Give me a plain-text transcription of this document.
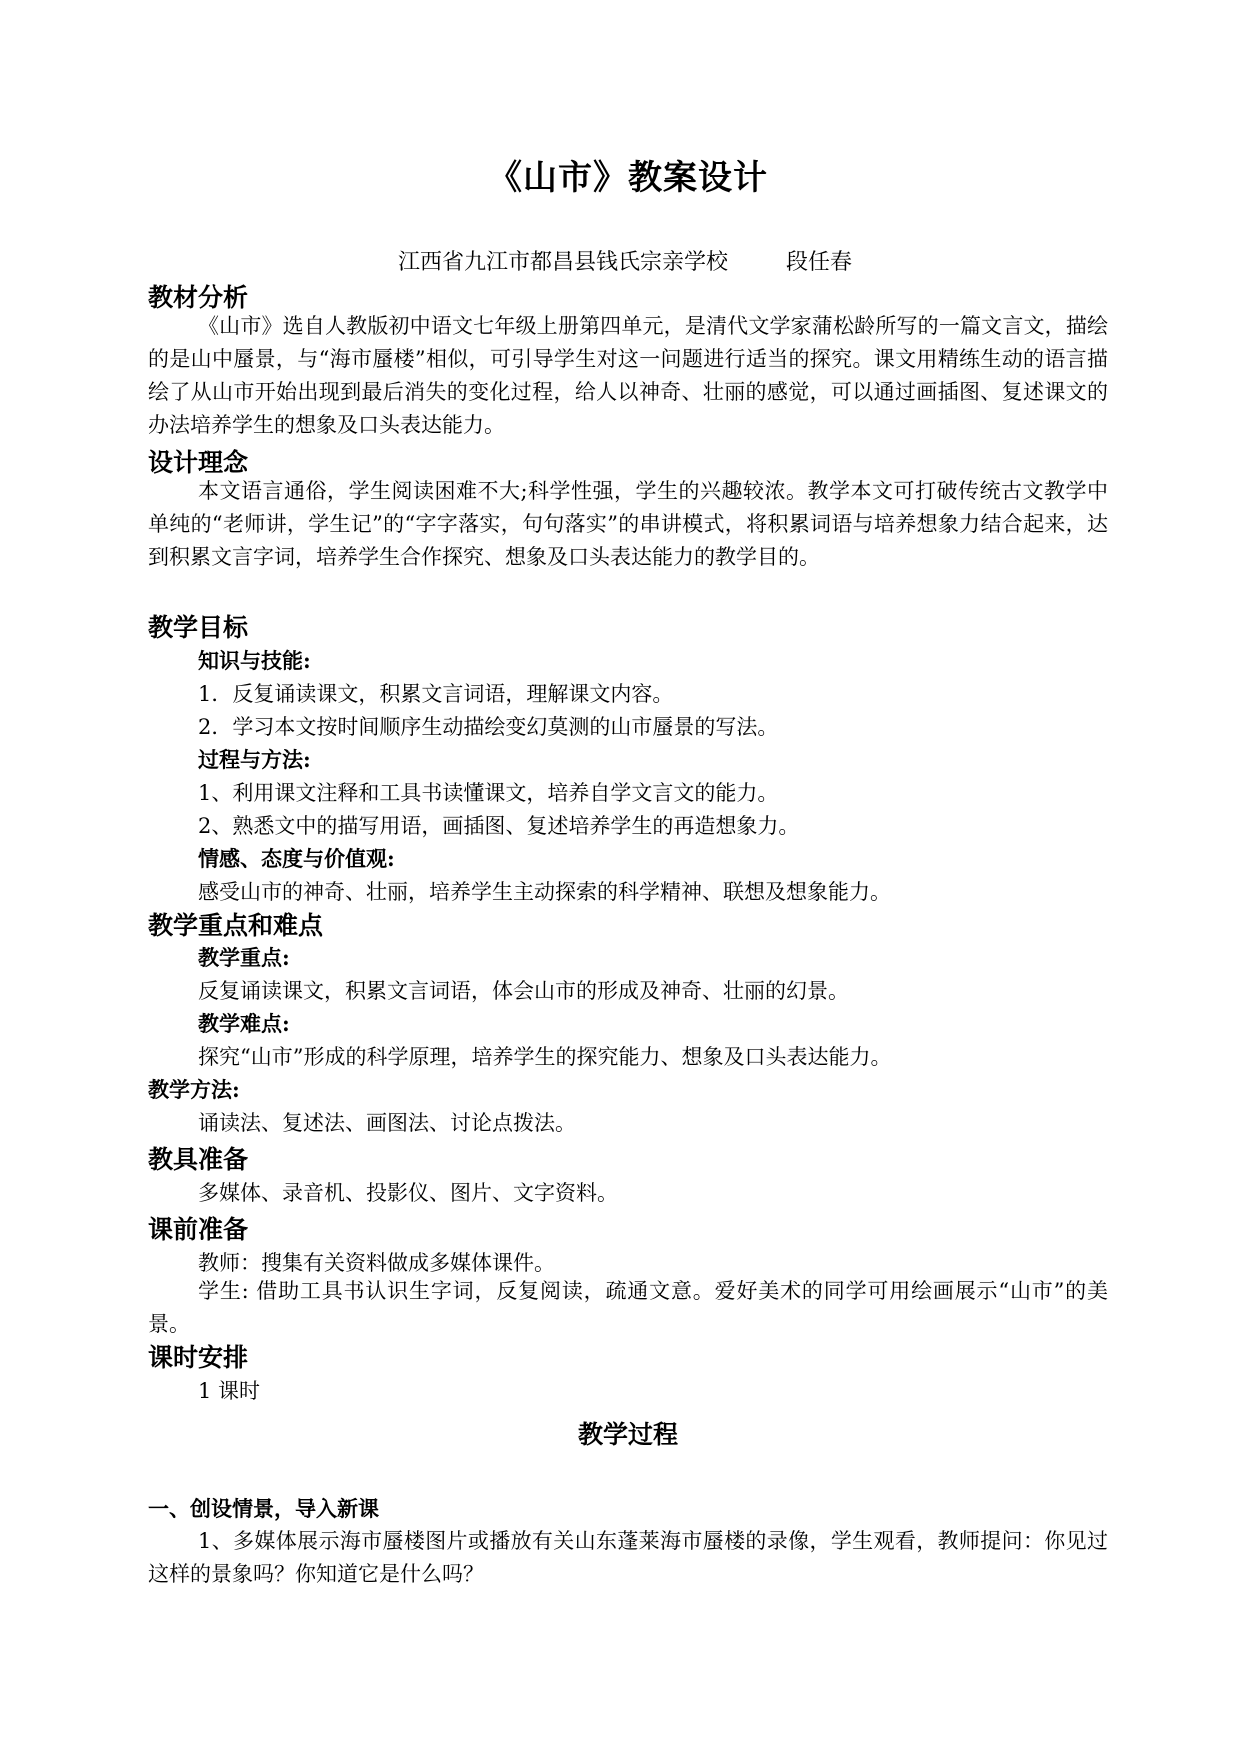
《山市》教案设计
江西省九江市都昌县钱氏宗亲学校	段任春
教材分析
《山市》选自人教版初中语文七年级上册第四单元，是清代文学家蒲松龄所写的一篇文言文，描绘的是山中蜃景，与“海市蜃楼”相似，可引导学生对这一问题进行适当的探究。课文用精练生动的语言描绘了从山市开始出现到最后消失的变化过程，给人以神奇、壮丽的感觉，可以通过画插图、复述课文的办法培养学生的想象及口头表达能力。
设计理念
本文语言通俗，学生阅读困难不大;科学性强，学生的兴趣较浓。教学本文可打破传统古文教学中单纯的“老师讲，学生记”的“字字落实，句句落实”的串讲模式，将积累词语与培养想象力结合起来，达到积累文言字词，培养学生合作探究、想象及口头表达能力的教学目的。
教学目标
知识与技能:
1．反复诵读课文，积累文言词语，理解课文内容。
2．学习本文按时间顺序生动描绘变幻莫测的山市蜃景的写法。
过程与方法:
1、利用课文注释和工具书读懂课文，培养自学文言文的能力。
2、熟悉文中的描写用语，画插图、复述培养学生的再造想象力。
情感、态度与价值观:
感受山市的神奇、壮丽，培养学生主动探索的科学精神、联想及想象能力。
教学重点和难点
教学重点:
反复诵读课文，积累文言词语，体会山市的形成及神奇、壮丽的幻景。
教学难点:
探究“山市”形成的科学原理，培养学生的探究能力、想象及口头表达能力。
教学方法:
诵读法、复述法、画图法、讨论点拨法。
教具准备
多媒体、录音机、投影仪、图片、文字资料。
课前准备
教师：搜集有关资料做成多媒体课件。
学生: 借助工具书认识生字词，反复阅读，疏通文意。爱好美术的同学可用绘画展示“山市”的美景。
课时安排
1 课时
教学过程
一、创设情景，导入新课
1、多媒体展示海市蜃楼图片或播放有关山东蓬莱海市蜃楼的录像，学生观看，教师提问：你见过这样的景象吗？你知道它是什么吗？
